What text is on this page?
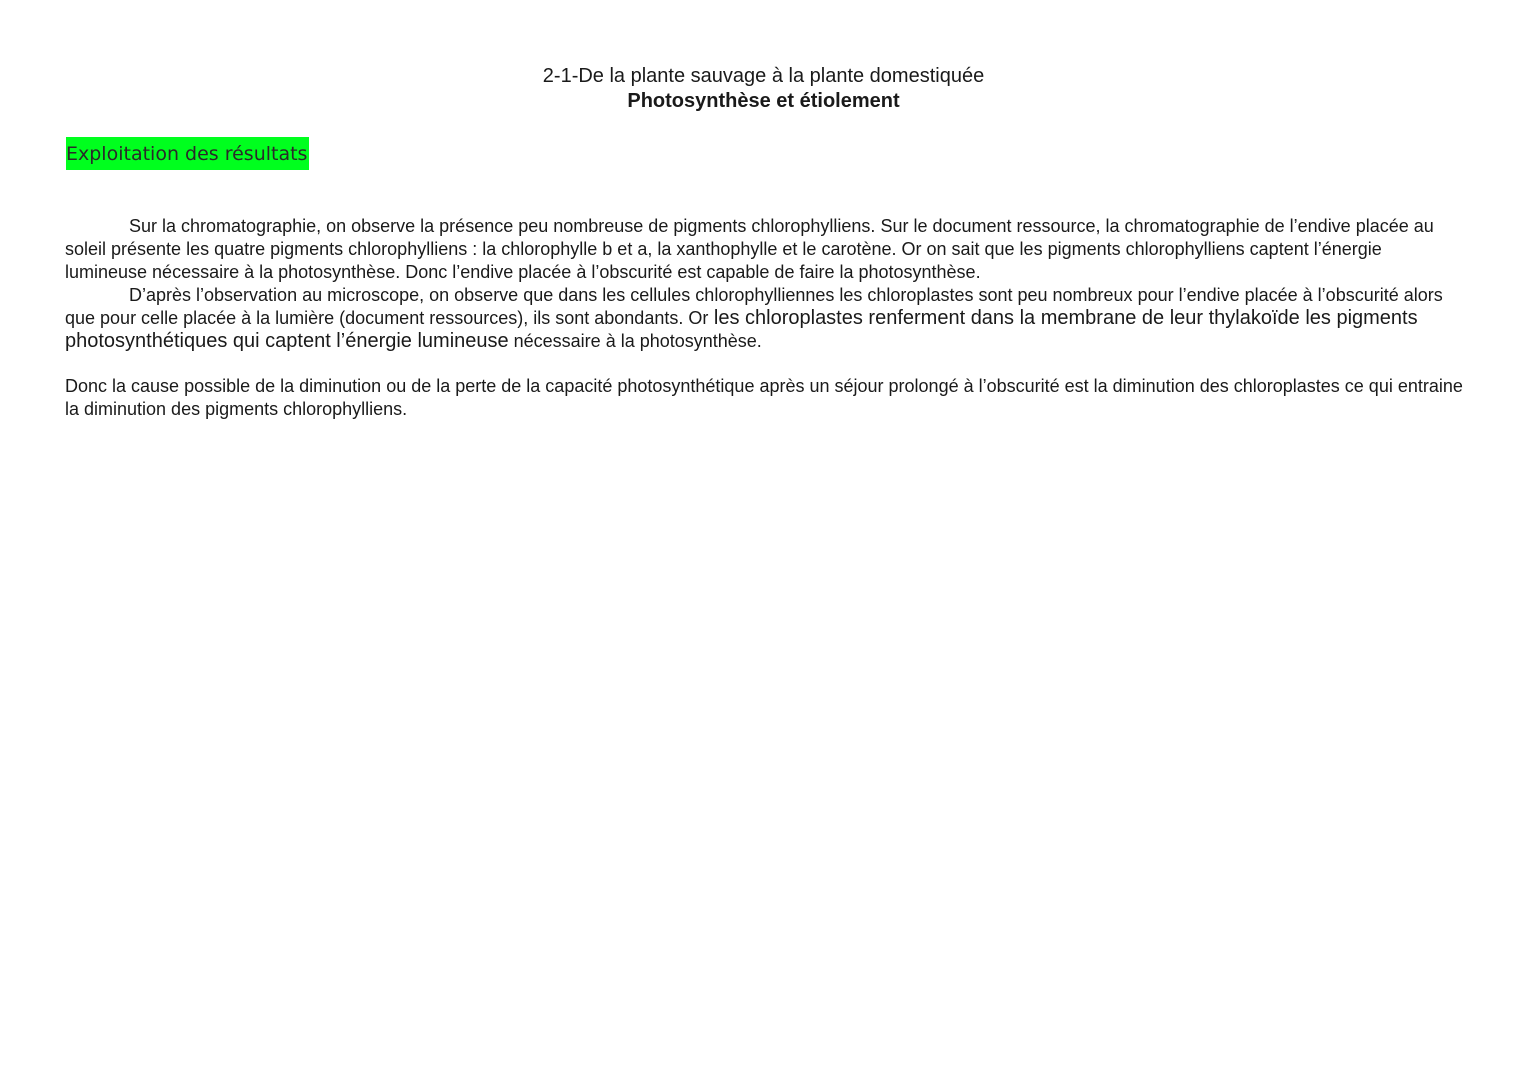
2-1-De la plante sauvage à la plante domestiquée
Photosynthèse et étiolement
Exploitation des résultats

Sur la chromatographie, on observe la présence peu nombreuse de pigments chlorophylliens. Sur le document ressource, la chromatographie de l’endive placée au soleil présente les quatre pigments chlorophylliens : la chlorophylle b et a, la xanthophylle et le carotène. Or on sait que les pigments chlorophylliens captent l’énergie lumineuse nécessaire à la photosynthèse. Donc l’endive placée à l’obscurité est capable de faire la photosynthèse.

D’après l’observation au microscope, on observe que dans les cellules chlorophylliennes les chloroplastes sont peu nombreux pour l’endive placée à l’obscurité alors que pour celle placée à la lumière (document ressources), ils sont abondants. Or les chloroplastes renferment dans la membrane de leur thylakoïde les pigments photosynthétiques qui captent l’énergie lumineuse nécessaire à la photosynthèse.

Donc la cause possible de la diminution ou de la perte de la capacité photosynthétique après un séjour prolongé à l’obscurité est la diminution des chloroplastes ce qui entraine la diminution des pigments chlorophylliens.
